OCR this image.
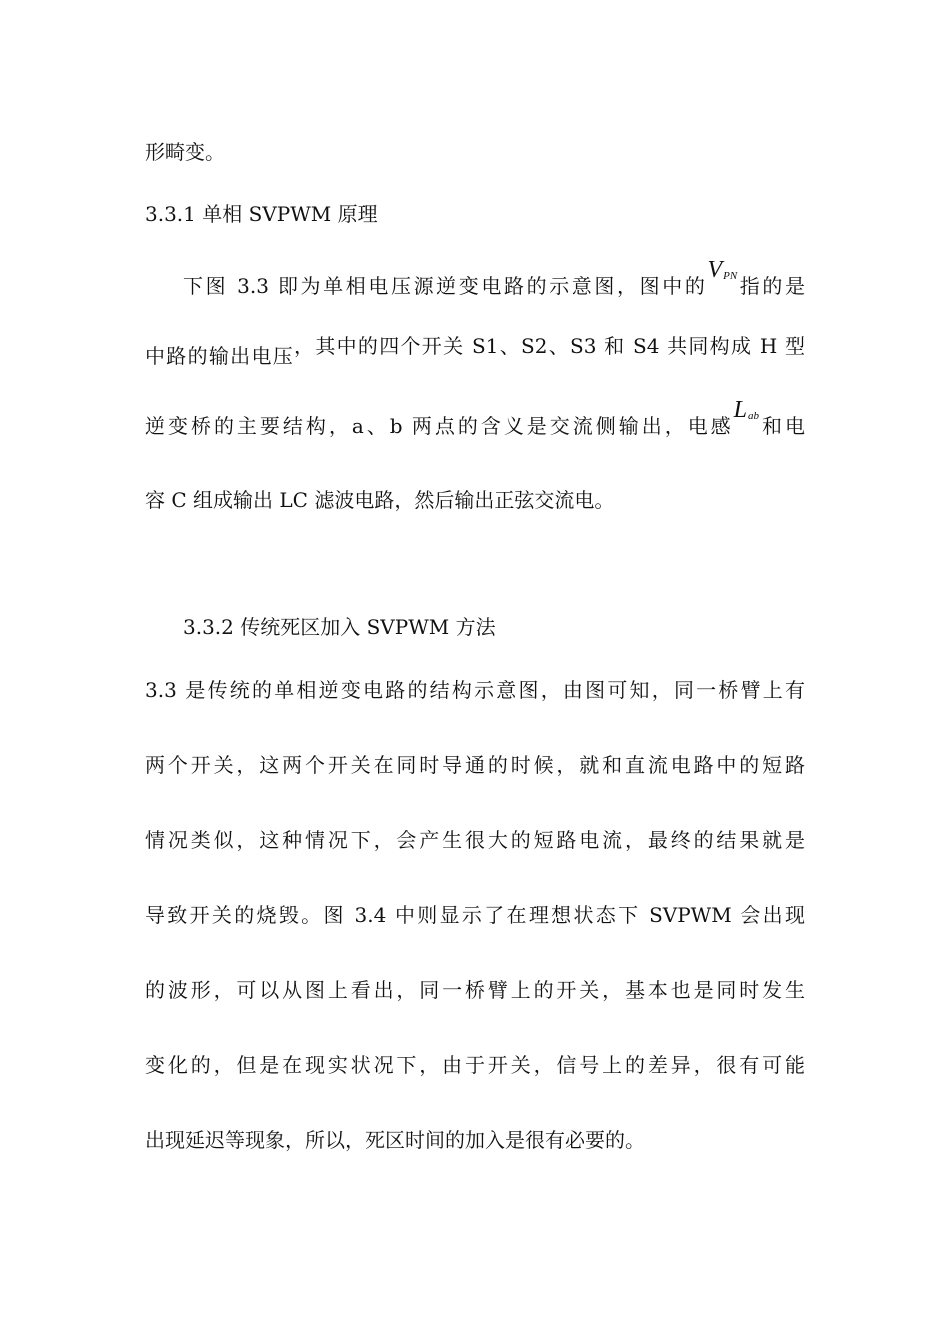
形畸变。
3.3.1 单相 SVPWM 原理
下图 3.3 即为单相电压源逆变电路的示意图，图中的VPN指的是
中路的输出电压，其中的四个开关 S1、S2、S3 和 S4 共同构成 H 型
逆变桥的主要结构，a、b 两点的含义是交流侧输出，电感Lab和电
容 C 组成输出 LC 滤波电路，然后输出正弦交流电。
3.3.2 传统死区加入 SVPWM 方法
3.3 是传统的单相逆变电路的结构示意图，由图可知，同一桥臂上有
两个开关，这两个开关在同时导通的时候，就和直流电路中的短路
情况类似，这种情况下，会产生很大的短路电流，最终的结果就是
导致开关的烧毁。图 3.4 中则显示了在理想状态下 SVPWM 会出现
的波形，可以从图上看出，同一桥臂上的开关，基本也是同时发生
变化的，但是在现实状况下，由于开关，信号上的差异，很有可能
出现延迟等现象，所以，死区时间的加入是很有必要的。
